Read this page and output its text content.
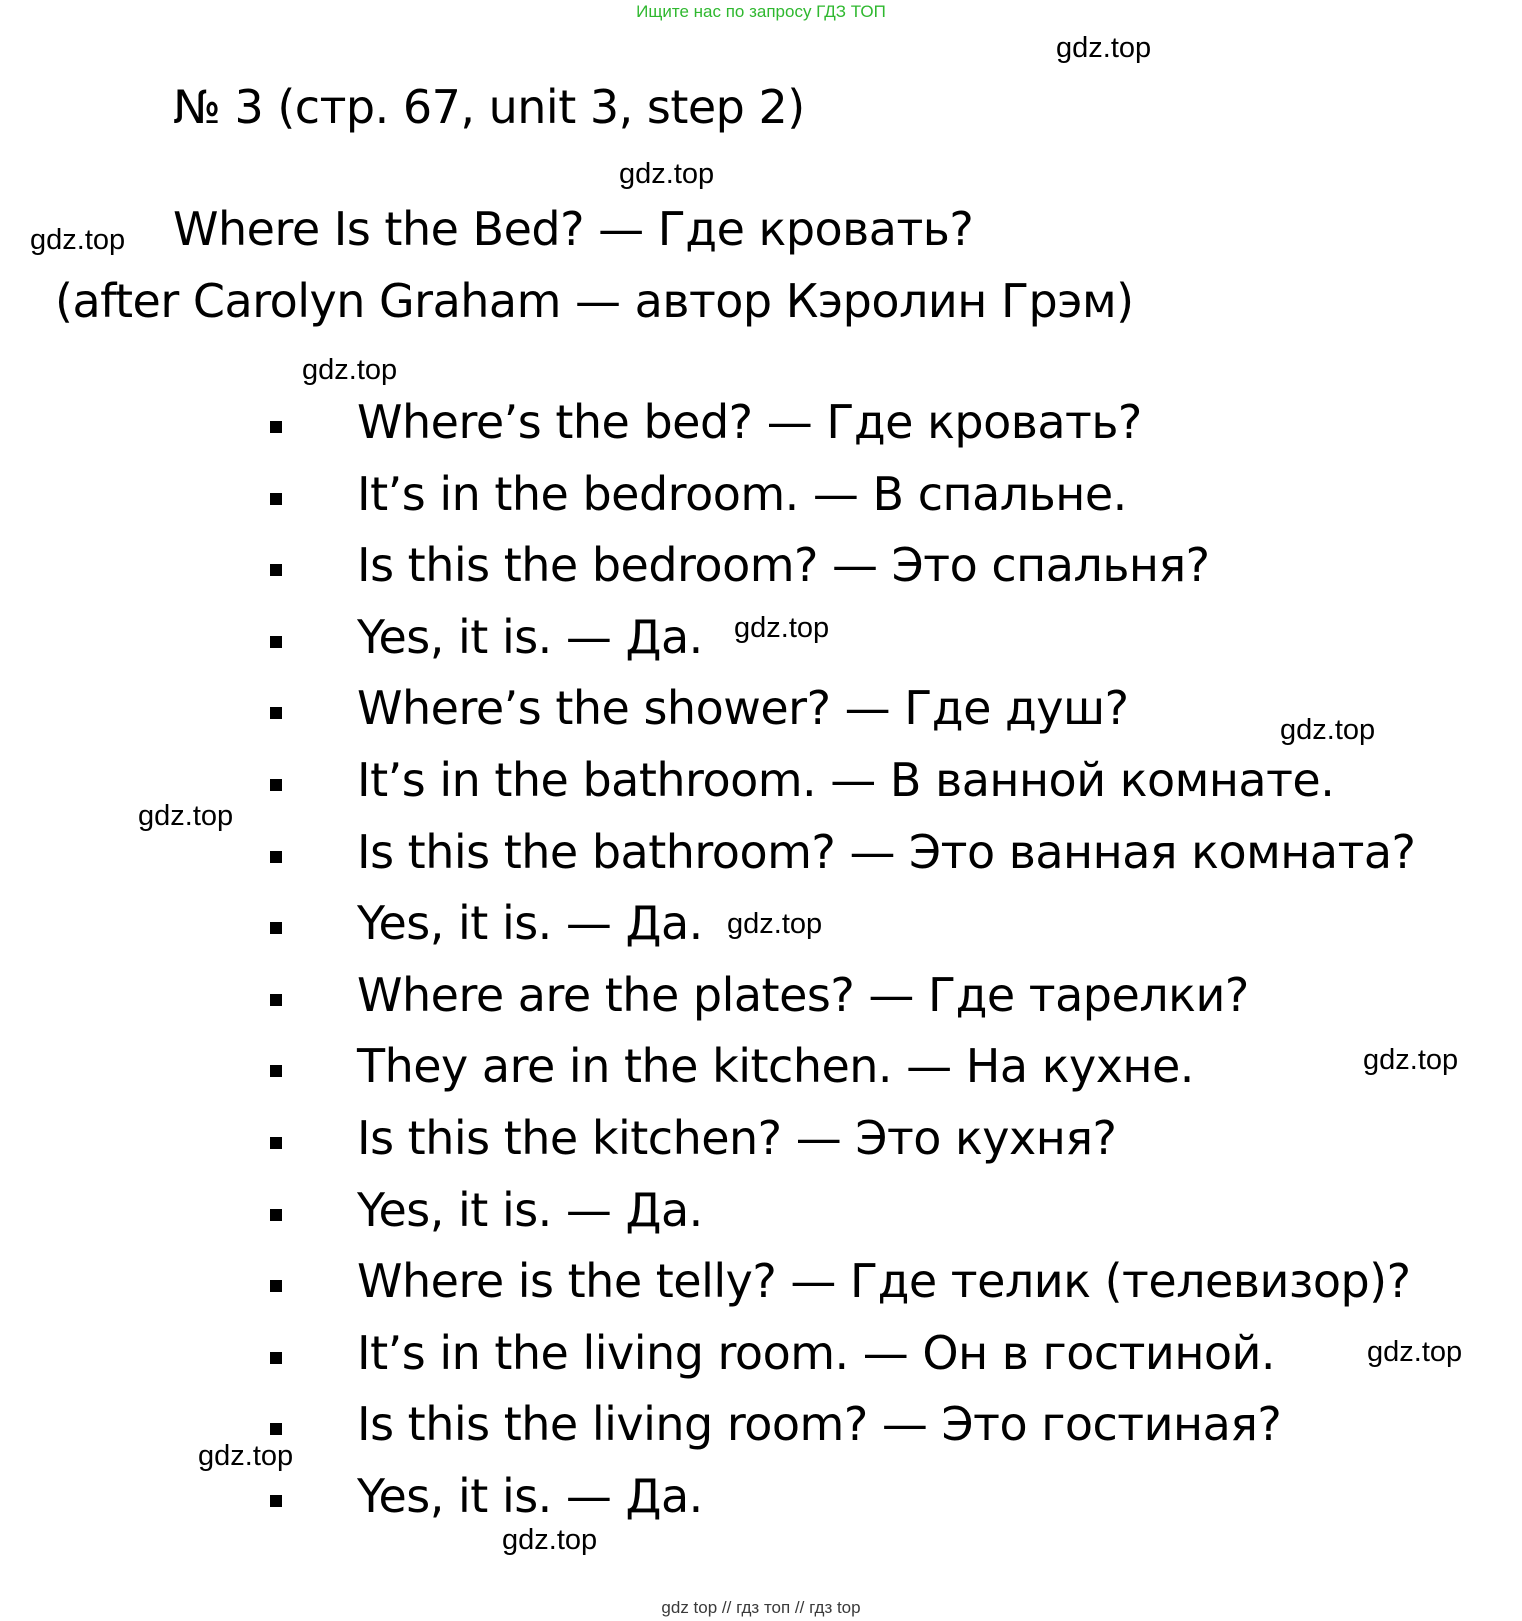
Ищите нас по запросу ГДЗ ТОП
gdz.top
№ 3 (стр. 67, unit 3, step 2)
gdz.top
gdz.top Where Is the Bed? — Где кровать?
(after Carolyn Graham — автор Кэролин Грэм)
gdz.top
Where’s the bed? — Где кровать?
It’s in the bedroom. — В спальне.
Is this the bedroom? — Это спальня?
Yes, it is. — Да.
Where’s the shower? — Где душ?
It’s in the bathroom. — В ванной комнате.
Is this the bathroom? — Это ванная комната?
Yes, it is. — Да.
Where are the plates? — Где тарелки?
They are in the kitchen. — На кухне.
Is this the kitchen? — Это кухня?
Yes, it is. — Да.
Where is the telly? — Где телик (телевизор)?
It’s in the living room. — Он в гостиной.
Is this the living room? — Это гостиная?
Yes, it is. — Да.
gdz.top
gdz.top
gdz.top
gdz.top
gdz.top
gdz.top
gdz.top
gdz.top
gdz top // гдз топ // гдз top
